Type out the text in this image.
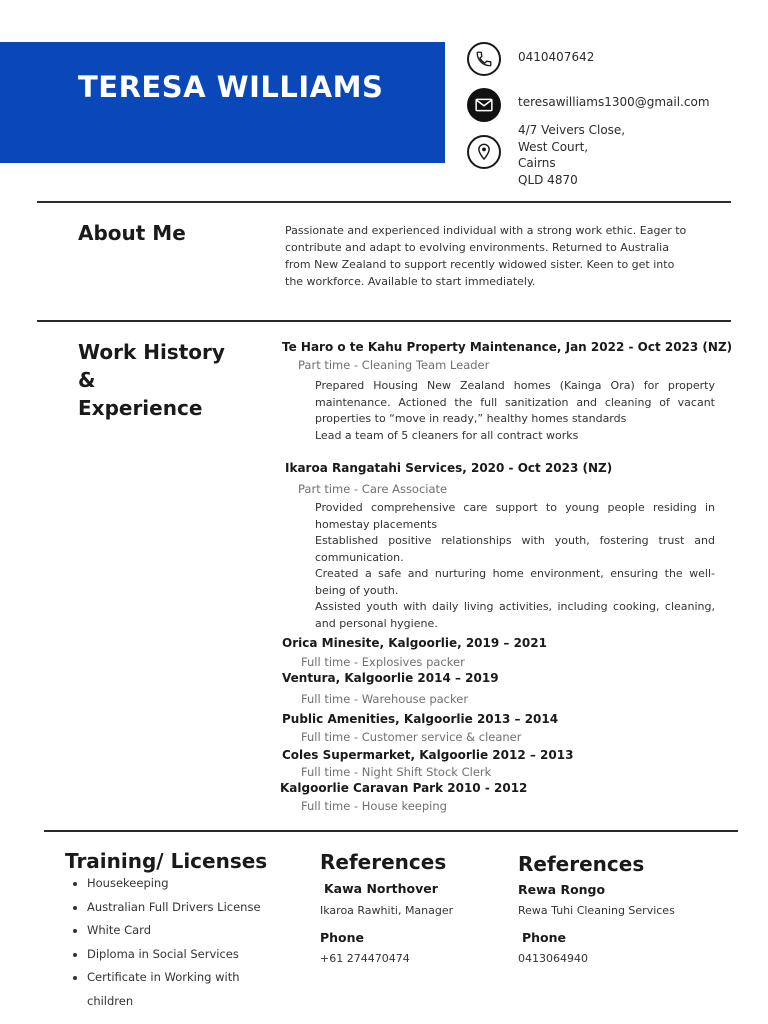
TERESA WILLIAMS
0410407642
teresawilliams1300@gmail.com
4/7 Veivers Close,
West Court,
Cairns
QLD 4870
About Me	Passionate and experienced individual with a strong work ethic. Eager to contribute and adapt to evolving environments. Returned to Australia from New Zealand to support recently widowed sister. Keen to get into the workforce. Available to start immediately.
Work History
&
Experience
Te Haro o te Kahu Property Maintenance, Jan 2022 - Oct 2023 (NZ)
Part time - Cleaning Team Leader
Prepared Housing New Zealand homes (Kainga Ora) for property maintenance. Actioned the full sanitization and cleaning of vacant properties to “move in ready,” healthy homes standards
Lead a team of 5 cleaners for all contract works
Ikaroa Rangatahi Services, 2020 - Oct 2023 (NZ)
Part time - Care Associate
Provided comprehensive care support to young people residing in homestay placements
Established positive relationships with youth, fostering trust and communication.
Created a safe and nurturing home environment, ensuring the well-being of youth.
Assisted youth with daily living activities, including cooking, cleaning, and personal hygiene.
Orica Minesite, Kalgoorlie, 2019 – 2021
Full time - Explosives packer
Ventura, Kalgoorlie 2014 – 2019
Full time - Warehouse packer
Public Amenities, Kalgoorlie 2013 – 2014
Full time - Customer service & cleaner
Coles Supermarket, Kalgoorlie 2012 – 2013
Full time - Night Shift Stock Clerk
Kalgoorlie Caravan Park 2010 - 2012
Full time - House keeping
Training/ Licenses
• Housekeeping
• Australian Full Drivers License
• White Card
• Diploma in Social Services
• Certificate in Working with children
References
Kawa Northover
Ikaroa Rawhiti, Manager
Phone
+61 274470474
References
Rewa Rongo
Rewa Tuhi Cleaning Services
Phone
0413064940
